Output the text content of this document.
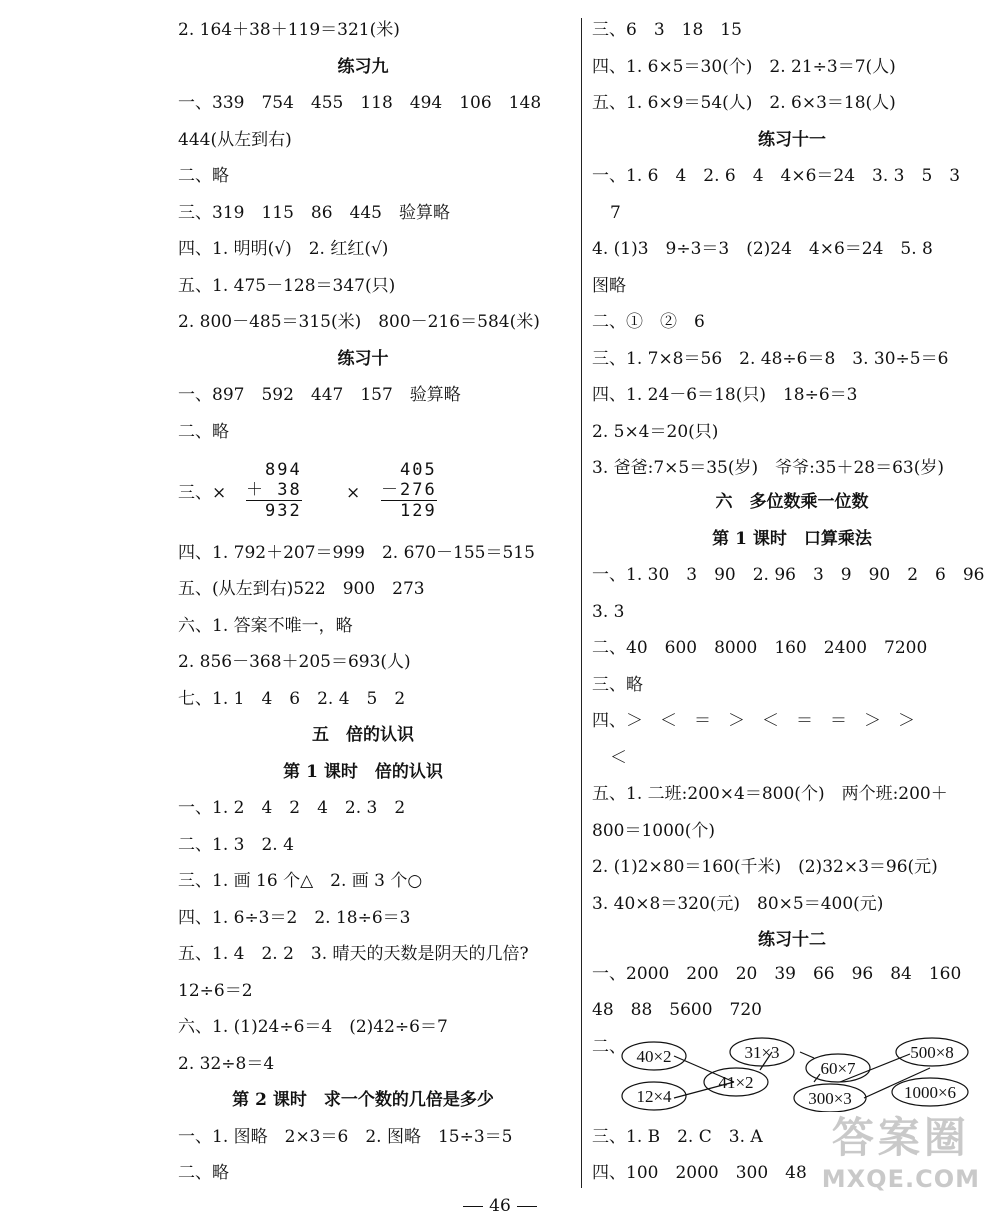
2. 164＋38＋119＝321(米)
练习九
一、339　754　455　118　494　106　148
444(从左到右)
二、略
三、319　115　86　445　验算略
四、1. 明明(√)　2. 红红(√)
五、1. 475－128＝347(只)
2. 800－485＝315(米)　800－216＝584(米)
练习十
一、897　592　447　157　验算略
二、略
三、×
894
＋ 38
932
×
405
－276
129
四、1. 792＋207＝999　2. 670－155＝515
五、(从左到右)522　900　273
六、1. 答案不唯一，略
2. 856－368＋205＝693(人)
七、1. 1　4　6　2. 4　5　2
五　倍的认识
第 1 课时　倍的认识
一、1. 2　4　2　4　2. 3　2
二、1. 3　2. 4
三、1. 画 16 个△　2. 画 3 个○
四、1. 6÷3＝2　2. 18÷6＝3
五、1. 4　2. 2　3. 晴天的天数是阴天的几倍?
12÷6＝2
六、1. (1)24÷6＝4　(2)42÷6＝7
2. 32÷8＝4
第 2 课时　求一个数的几倍是多少
一、1. 图略　2×3＝6　2. 图略　15÷3＝5
二、略
三、6　3　18　15
四、1. 6×5＝30(个)　2. 21÷3＝7(人)
五、1. 6×9＝54(人)　2. 6×3＝18(人)
练习十一
一、1. 6　4　2. 6　4　4×6＝24　3. 3　5　3
7
4. (1)3　9÷3＝3　(2)24　4×6＝24　5. 8
图略
二、①　②　6
三、1. 7×8＝56　2. 48÷6＝8　3. 30÷5＝6
四、1. 24－6＝18(只)　18÷6＝3
2. 5×4＝20(只)
3. 爸爸:7×5＝35(岁)　爷爷:35＋28＝63(岁)
六　多位数乘一位数
第 1 课时　口算乘法
一、1. 30　3　90　2. 96　3　9　90　2　6　96
3. 3
二、40　600　8000　160　2400　7200
三、略
四、＞　＜　＝　＞　＜　＝　＝　＞　＞
＜
五、1. 二班:200×4＝800(个)　两个班:200＋
800＝1000(个)
2. (1)2×80＝160(千米)　(2)32×3＝96(元)
3. 40×8＝320(元)　80×5＝400(元)
练习十二
一、2000　200　20　39　66　96　84　160
48　88　5600　720
二、 40×2	31×3	500×8
60×7
12×4
41×2
300×3	1000×6
三、1. B　2. C　3. A
四、100　2000　300　48
46
答案圈
MXQE.COM
